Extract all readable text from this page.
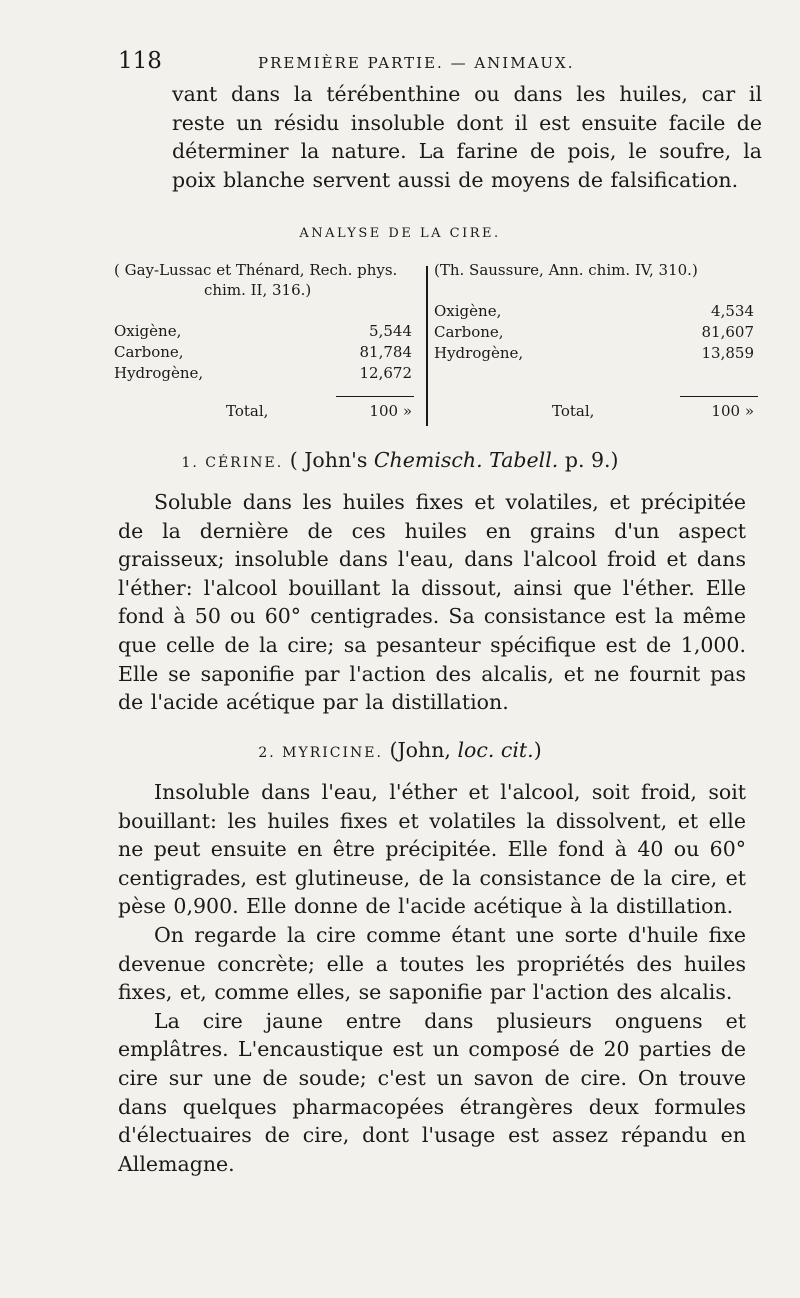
118	PREMIÈRE PARTIE. — ANIMAUX.

vant dans la térébenthine ou dans les huiles, car il reste un résidu insoluble dont il est ensuite facile de déterminer la nature. La farine de pois, le soufre, la poix blanche servent aussi de moyens de falsification.

ANALYSE DE LA CIRE.
( Gay-Lussac et Thénard, Rech. phys.
chim. II, 316.)
Oxigène,	5,544
Carbone,	81,784
Hydrogène,	12,672
Total,	100 »
(Th. Saussure, Ann. chim. IV, 310.)
Oxigène,	4,534
Carbone,	81,607
Hydrogène,	13,859
Total,	100 »
1. CÉRINE. ( John's Chemisch. Tabell. p. 9.)

Soluble dans les huiles fixes et volatiles, et précipitée de la dernière de ces huiles en grains d'un aspect graisseux; insoluble dans l'eau, dans l'alcool froid et dans l'éther: l'alcool bouillant la dissout, ainsi que l'éther. Elle fond à 50 ou 60° centigrades. Sa consistance est la même que celle de la cire; sa pesanteur spécifique est de 1,000. Elle se saponifie par l'action des alcalis, et ne fournit pas de l'acide acétique par la distillation.

2. MYRICINE. (John, loc. cit.)

Insoluble dans l'eau, l'éther et l'alcool, soit froid, soit bouillant: les huiles fixes et volatiles la dissolvent, et elle ne peut ensuite en être précipitée. Elle fond à 40 ou 60° centigrades, est glutineuse, de la consistance de la cire, et pèse 0,900. Elle donne de l'acide acétique à la distillation.

On regarde la cire comme étant une sorte d'huile fixe devenue concrète; elle a toutes les propriétés des huiles fixes, et, comme elles, se saponifie par l'action des alcalis.

La cire jaune entre dans plusieurs onguens et emplâtres. L'encaustique est un composé de 20 parties de cire sur une de soude; c'est un savon de cire. On trouve dans quelques pharmacopées étrangères deux formules d'électuaires de cire, dont l'usage est assez répandu en Allemagne.
